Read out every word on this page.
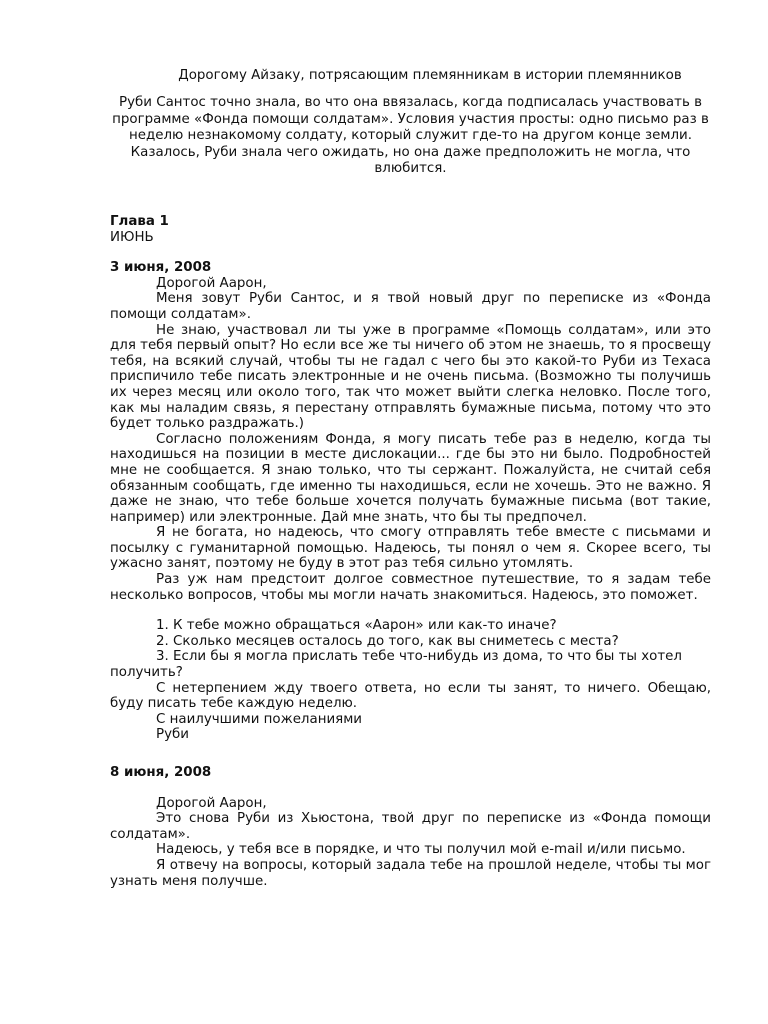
Дорогому Айзаку, потрясающим племянникам в истории племянников
Руби Сантос точно знала, во что она ввязалась, когда подписалась участвовать в программе «Фонда помощи солдатам». Условия участия просты: одно письмо раз в неделю незнакомому солдату, который служит где-то на другом конце земли. Казалось, Руби знала чего ожидать, но она даже предположить не могла, что влюбится.

Глава 1

ИЮНЬ

3 июня, 2008

Дорогой Аарон,

Меня зовут Руби Сантос, и я твой новый друг по переписке из «Фонда помощи солдатам».

Не знаю, участвовал ли ты уже в программе «Помощь солдатам», или это для тебя первый опыт? Но если все же ты ничего об этом не знаешь, то я просвещу тебя, на всякий случай, чтобы ты не гадал с чего бы это какой-то Руби из Техаса приспичило тебе писать электронные и не очень письма. (Возможно ты получишь их через месяц или около того, так что может выйти слегка неловко. После того, как мы наладим связь, я перестану отправлять бумажные письма, потому что это будет только раздражать.)

Согласно положениям Фонда, я могу писать тебе раз в неделю, когда ты находишься на позиции в месте дислокации... где бы это ни было. Подробностей мне не сообщается. Я знаю только, что ты сержант. Пожалуйста, не считай себя обязанным сообщать, где именно ты находишься, если не хочешь. Это не важно. Я даже не знаю, что тебе больше хочется получать бумажные письма (вот такие, например) или электронные. Дай мне знать, что бы ты предпочел.

Я не богата, но надеюсь, что смогу отправлять тебе вместе с письмами и посылку с гуманитарной помощью. Надеюсь, ты понял о чем я. Скорее всего, ты ужасно занят, поэтому не буду в этот раз тебя сильно утомлять.

Раз уж нам предстоит долгое совместное путешествие, то я задам тебе несколько вопросов, чтобы мы могли начать знакомиться. Надеюсь, это поможет.

1. К тебе можно обращаться «Аарон» или как-то иначе?

2. Сколько месяцев осталось до того, как вы сниметесь с места?

3. Если бы я могла прислать тебе что-нибудь из дома, то что бы ты хотел получить?

С нетерпением жду твоего ответа, но если ты занят, то ничего. Обещаю, буду писать тебе каждую неделю.

С наилучшими пожеланиями

Руби

8 июня, 2008

Дорогой Аарон,

Это снова Руби из Хьюстона, твой друг по переписке из «Фонда помощи солдатам».

Надеюсь, у тебя все в порядке, и что ты получил мой e-mail и/или письмо.

Я отвечу на вопросы, который задала тебе на прошлой неделе, чтобы ты мог узнать меня получше.
